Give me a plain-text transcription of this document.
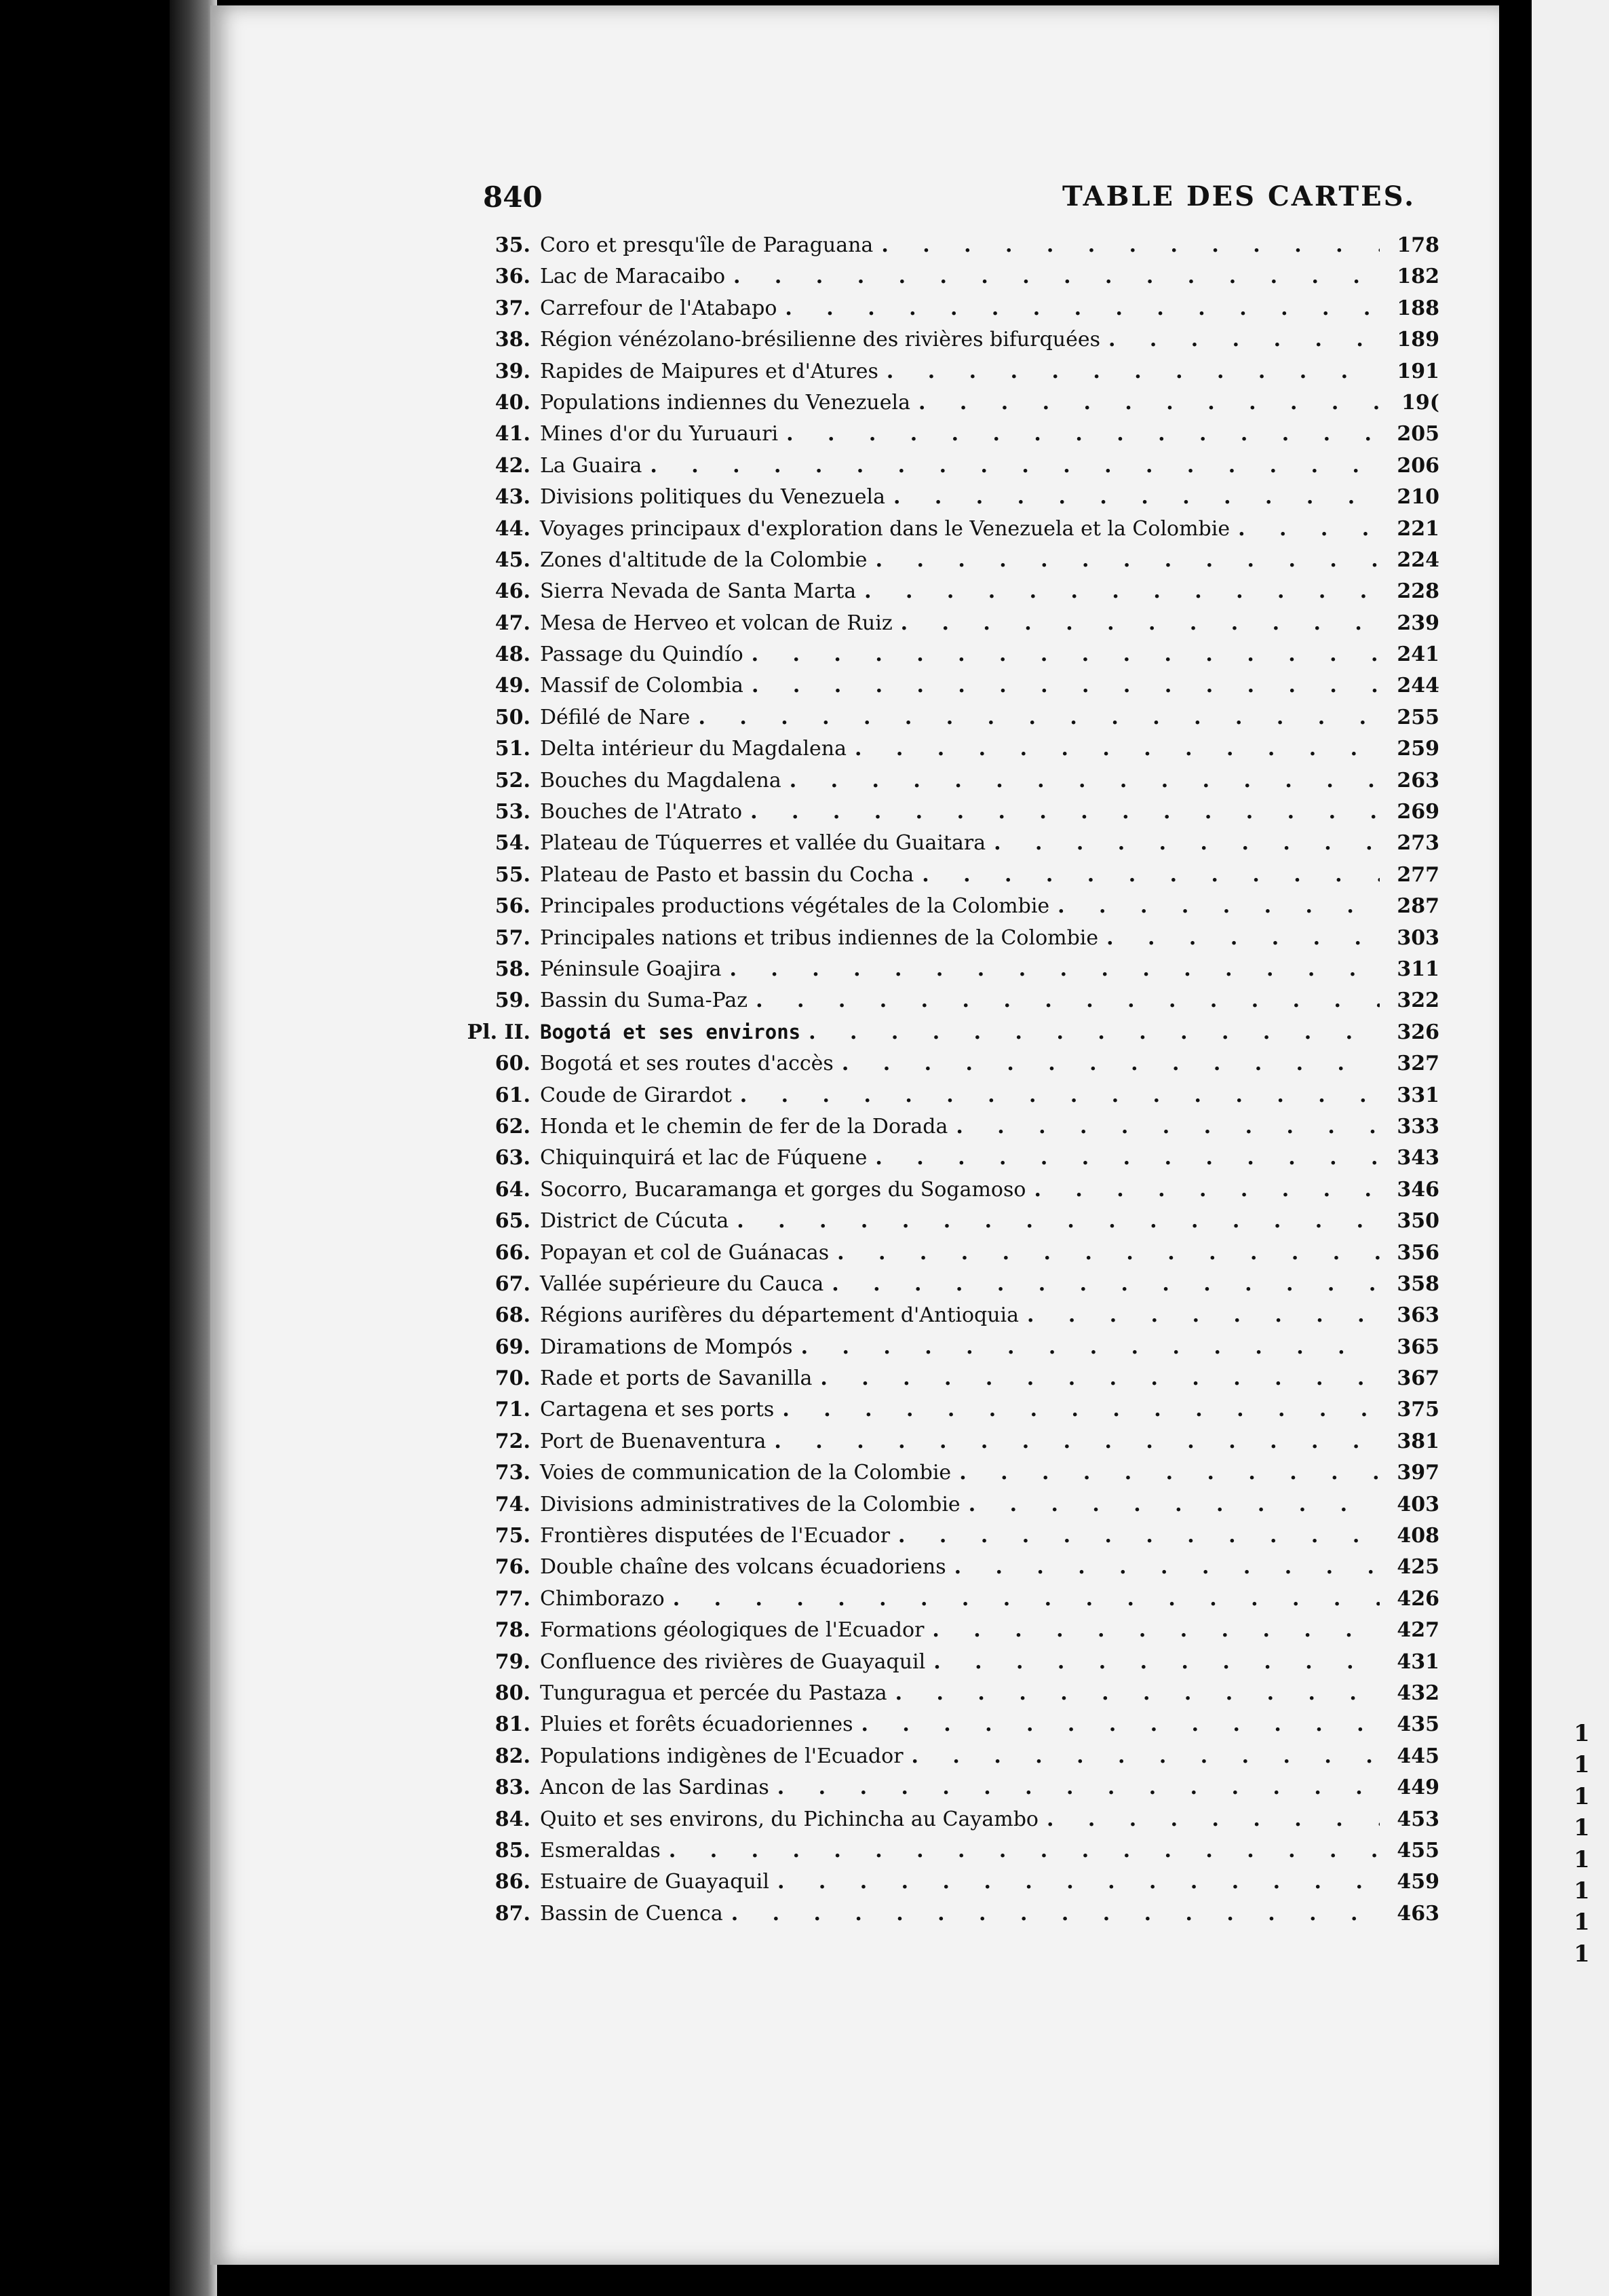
840	TABLE DES CARTES.
35. Coro et presqu'île de Paraguana . . .	178
36. Lac de Maracaibo . . .	182
37. Carrefour de l'Atabapo . . .	188
38. Région vénézolano-brésilienne des rivières bifurquées . . .	189
39. Rapides de Maipures et d'Atures . . .	191
40. Populations indiennes du Venezuela . . .	19(
41. Mines d'or du Yuruauri . . .	205
42. La Guaira . . .	206
43. Divisions politiques du Venezuela . . .	210
44. Voyages principaux d'exploration dans le Venezuela et la Colombie . . .	221
45. Zones d'altitude de la Colombie . . .	224
46. Sierra Nevada de Santa Marta . . .	228
47. Mesa de Herveo et volcan de Ruiz . . .	239
48. Passage du Quindío . . .	241
49. Massif de Colombia . . .	244
50. Défilé de Nare . . .	255
51. Delta intérieur du Magdalena . . .	259
52. Bouches du Magdalena . . .	263
53. Bouches de l'Atrato . . .	269
54. Plateau de Túquerres et vallée du Guaitara . . .	273
55. Plateau de Pasto et bassin du Cocha . . .	277
56. Principales productions végétales de la Colombie . . .	287
57. Principales nations et tribus indiennes de la Colombie . . .	303
58. Péninsule Goajira . . .	311
59. Bassin du Suma-Paz . . .	322
Pl. II. Bogotá et ses environs . . .	326
60. Bogotá et ses routes d'accès . . .	327
61. Coude de Girardot . . .	331
62. Honda et le chemin de fer de la Dorada . . .	333
63. Chiquinquirá et lac de Fúquene . . .	343
64. Socorro, Bucaramanga et gorges du Sogamoso . . .	346
65. District de Cúcuta . . .	350
66. Popayan et col de Guánacas . . .	356
67. Vallée supérieure du Cauca . . .	358
68. Régions aurifères du département d'Antioquia . . .	363
69. Diramations de Mompós . . .	365
70. Rade et ports de Savanilla . . .	367
71. Cartagena et ses ports . . .	375
72. Port de Buenaventura . . .	381
73. Voies de communication de la Colombie . . .	397
74. Divisions administratives de la Colombie . . .	403
75. Frontières disputées de l'Ecuador . . .	408
76. Double chaîne des volcans écuadoriens . . .	425
77. Chimborazo . . .	426
78. Formations géologiques de l'Ecuador . . .	427
79. Confluence des rivières de Guayaquil . . .	431
80. Tunguragua et percée du Pastaza . . .	432
81. Pluies et forêts écuadoriennes . . .	435
82. Populations indigènes de l'Ecuador . . .	445
83. Ancon de las Sardinas . . .	449
84. Quito et ses environs, du Pichincha au Cayambo . . .	453
85. Esmeraldas . . .	455
86. Estuaire de Guayaquil . . .	459
87. Bassin de Cuenca . . .	463
1
1
1
1
1
1
1
1
